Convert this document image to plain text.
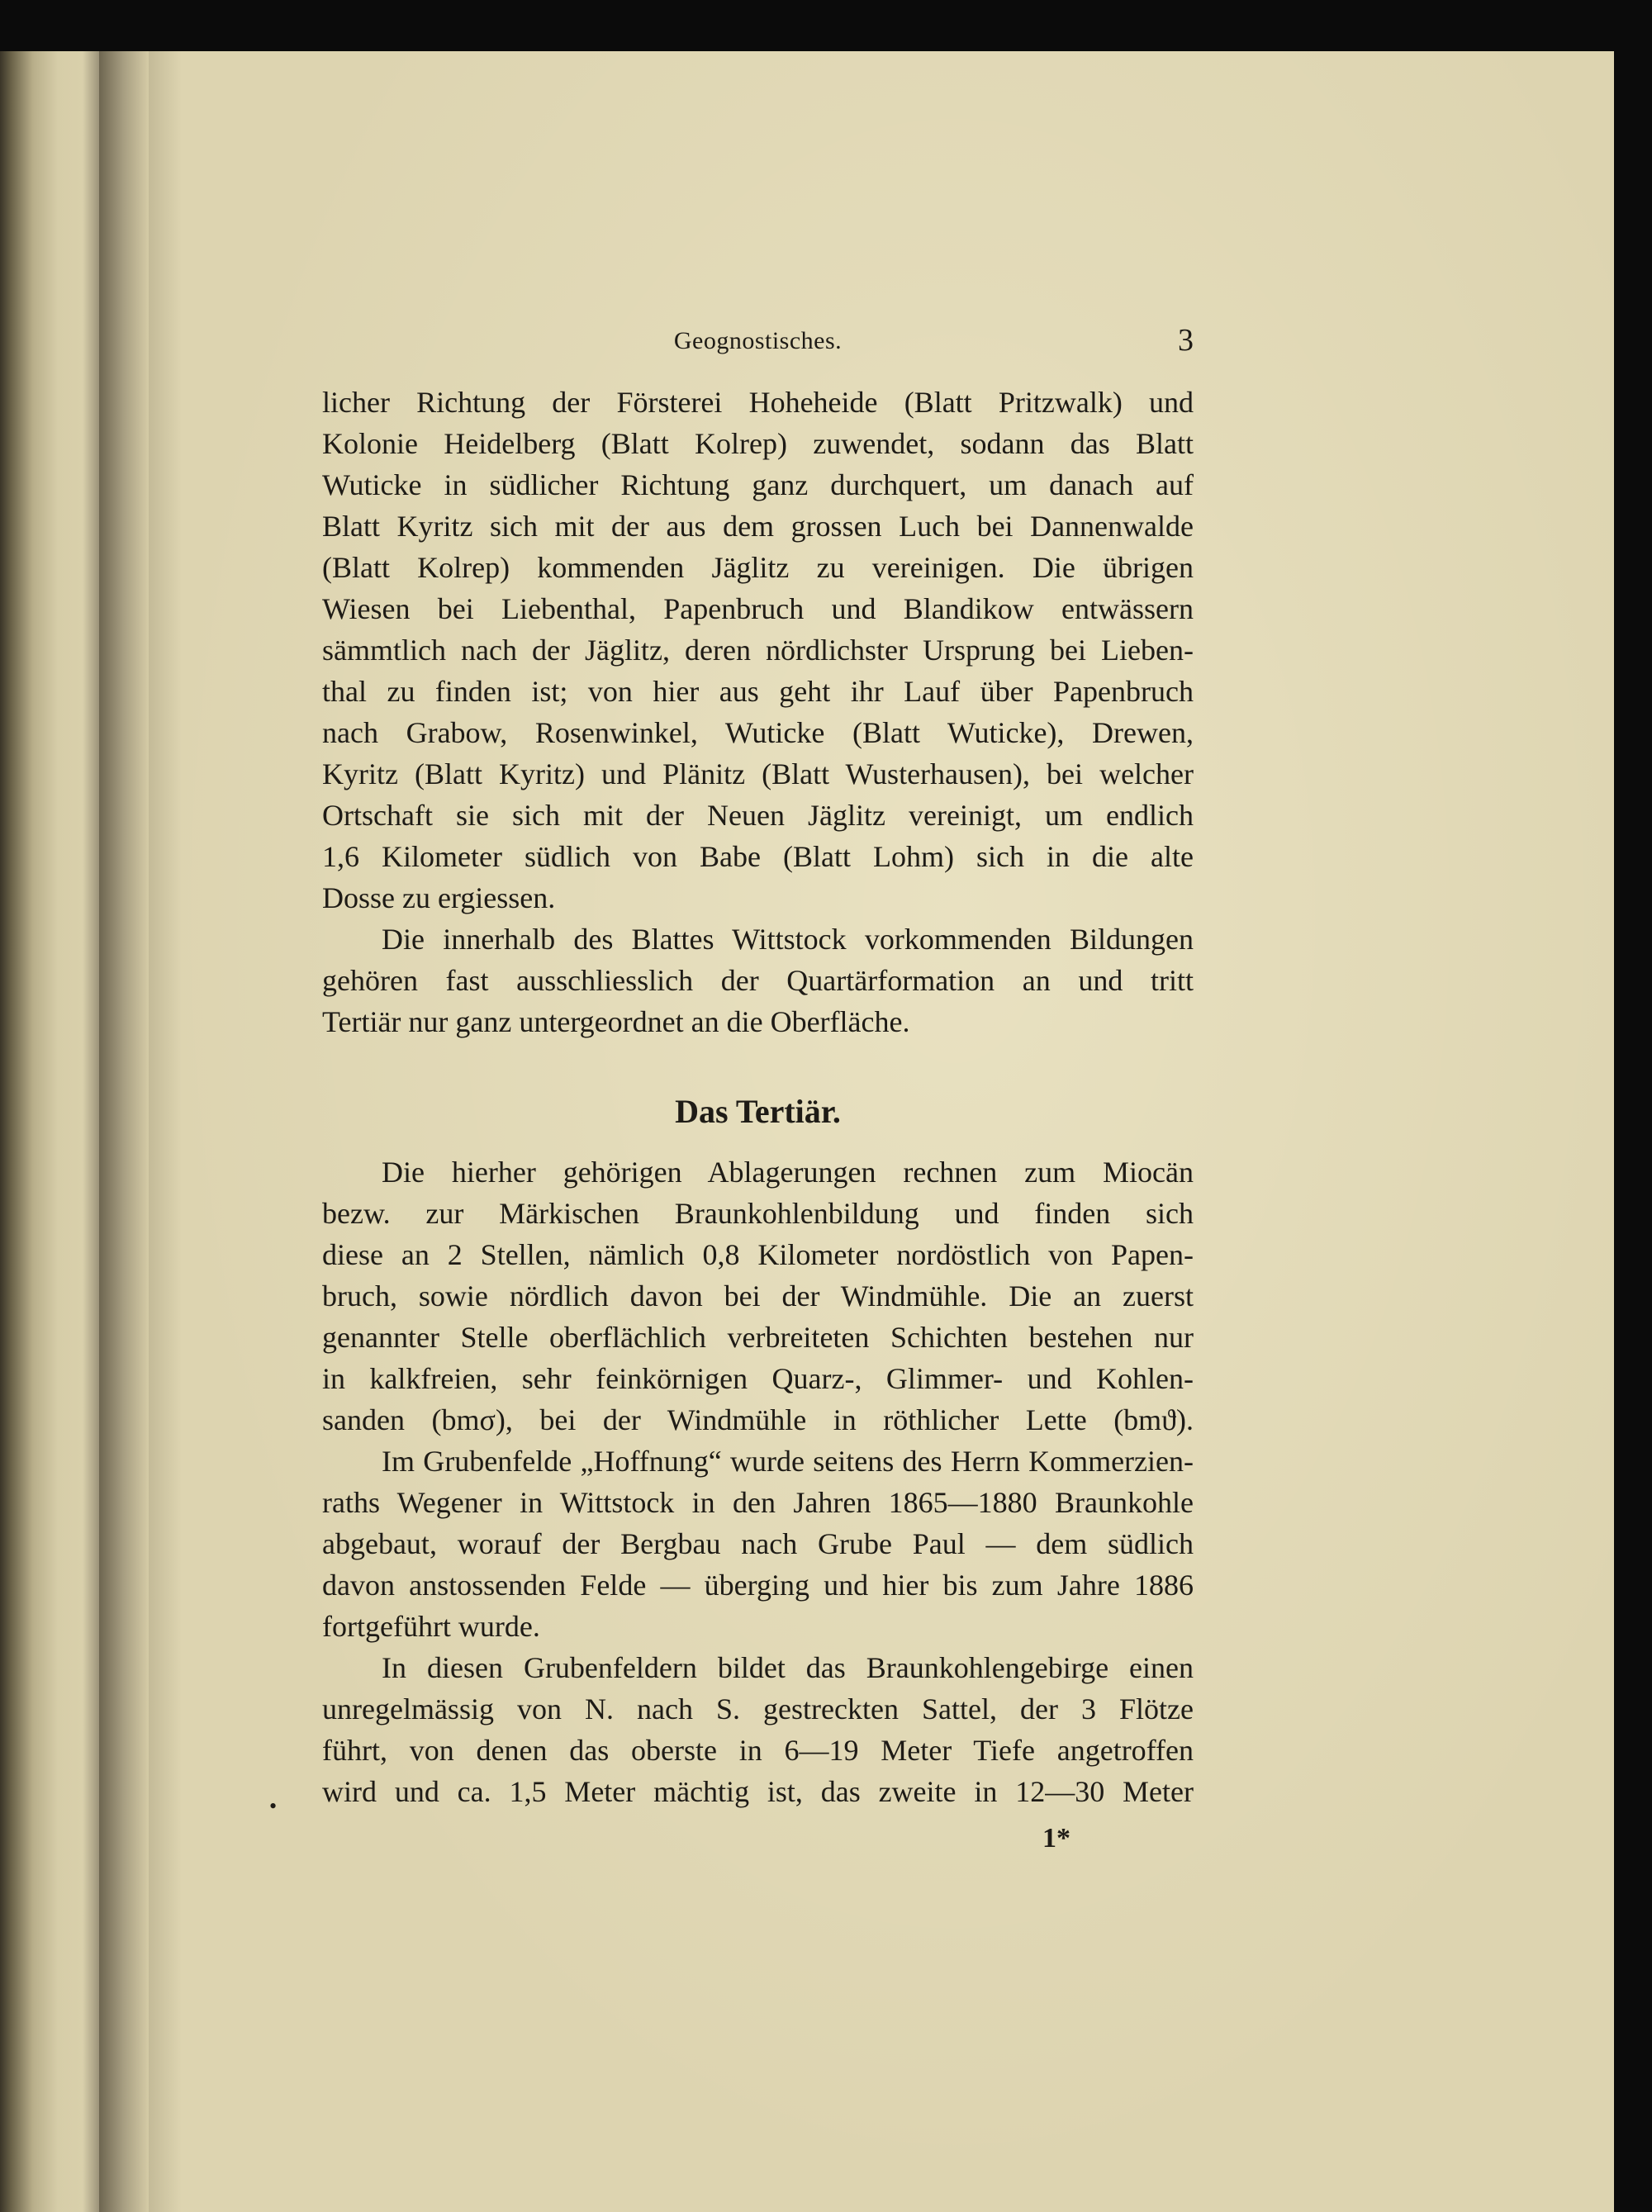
Geognostisches.	3
licher Richtung der Försterei Hoheheide (Blatt Pritzwalk) und
Kolonie Heidelberg (Blatt Kolrep) zuwendet, sodann das Blatt
Wuticke in südlicher Richtung ganz durchquert, um danach auf
Blatt Kyritz sich mit der aus dem grossen Luch bei Dannenwalde
(Blatt Kolrep) kommenden Jäglitz zu vereinigen. Die übrigen
Wiesen bei Liebenthal, Papenbruch und Blandikow entwässern
sämmtlich nach der Jäglitz, deren nördlichster Ursprung bei Lieben-
thal zu finden ist; von hier aus geht ihr Lauf über Papenbruch
nach Grabow, Rosenwinkel, Wuticke (Blatt Wuticke), Drewen,
Kyritz (Blatt Kyritz) und Plänitz (Blatt Wusterhausen), bei welcher
Ortschaft sie sich mit der Neuen Jäglitz vereinigt, um endlich
1,6 Kilometer südlich von Babe (Blatt Lohm) sich in die alte
Dosse zu ergiessen.
Die innerhalb des Blattes Wittstock vorkommenden Bildungen
gehören fast ausschliesslich der Quartärformation an und tritt
Tertiär nur ganz untergeordnet an die Oberfläche.
Das Tertiär.
Die hierher gehörigen Ablagerungen rechnen zum Miocän
bezw. zur Märkischen Braunkohlenbildung und finden sich
diese an 2 Stellen, nämlich 0,8 Kilometer nordöstlich von Papen-
bruch, sowie nördlich davon bei der Windmühle. Die an zuerst
genannter Stelle oberflächlich verbreiteten Schichten bestehen nur
in kalkfreien, sehr feinkörnigen Quarz-, Glimmer- und Kohlen-
sanden (bmσ), bei der Windmühle in röthlicher Lette (bmϑ).
Im Grubenfelde „Hoffnung“ wurde seitens des Herrn Kommerzien-
raths Wegener in Wittstock in den Jahren 1865—1880 Braunkohle
abgebaut, worauf der Bergbau nach Grube Paul — dem südlich
davon anstossenden Felde — überging und hier bis zum Jahre 1886
fortgeführt wurde.
In diesen Grubenfeldern bildet das Braunkohlengebirge einen
unregelmässig von N. nach S. gestreckten Sattel, der 3 Flötze
führt, von denen das oberste in 6—19 Meter Tiefe angetroffen
wird und ca. 1,5 Meter mächtig ist, das zweite in 12—30 Meter
•
1*
